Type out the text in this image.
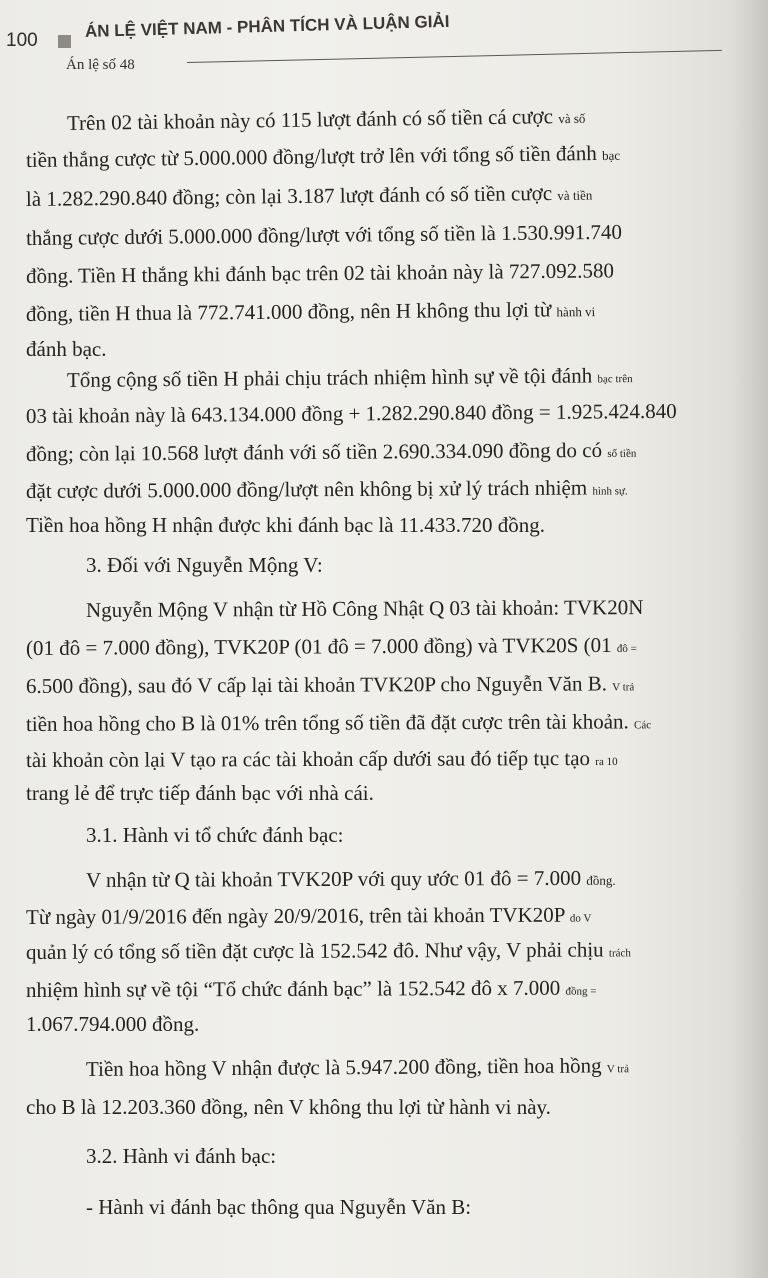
100	ÁN LỆ VIỆT NAM - PHÂN TÍCH VÀ LUẬN GIẢI
Án lệ số 48
Trên 02 tài khoản này có 115 lượt đánh có số tiền cá cược và số
tiền thắng cược từ 5.000.000 đồng/lượt trở lên với tổng số tiền đánh bạc
là 1.282.290.840 đồng; còn lại 3.187 lượt đánh có số tiền cược và tiền
thắng cược dưới 5.000.000 đồng/lượt với tổng số tiền là 1.530.991.740
đồng. Tiền H thắng khi đánh bạc trên 02 tài khoản này là 727.092.580
đồng, tiền H thua là 772.741.000 đồng, nên H không thu lợi từ hành vi
đánh bạc.
Tổng cộng số tiền H phải chịu trách nhiệm hình sự về tội đánh bạc trên
03 tài khoản này là 643.134.000 đồng + 1.282.290.840 đồng = 1.925.424.840
đồng; còn lại 10.568 lượt đánh với số tiền 2.690.334.090 đồng do có số tiền
đặt cược dưới 5.000.000 đồng/lượt nên không bị xử lý trách nhiệm hình sự.
Tiền hoa hồng H nhận được khi đánh bạc là 11.433.720 đồng.
3. Đối với Nguyễn Mộng V:
Nguyễn Mộng V nhận từ Hồ Công Nhật Q 03 tài khoản: TVK20N
(01 đô = 7.000 đồng), TVK20P (01 đô = 7.000 đồng) và TVK20S (01 đô =
6.500 đồng), sau đó V cấp lại tài khoản TVK20P cho Nguyễn Văn B. V trả
tiền hoa hồng cho B là 01% trên tổng số tiền đã đặt cược trên tài khoản. Các
tài khoản còn lại V tạo ra các tài khoản cấp dưới sau đó tiếp tục tạo ra 10
trang lẻ để trực tiếp đánh bạc với nhà cái.
3.1. Hành vi tổ chức đánh bạc:
V nhận từ Q tài khoản TVK20P với quy ước 01 đô = 7.000 đồng.
Từ ngày 01/9/2016 đến ngày 20/9/2016, trên tài khoản TVK20P do V
quản lý có tổng số tiền đặt cược là 152.542 đô. Như vậy, V phải chịu trách
nhiệm hình sự về tội “Tổ chức đánh bạc” là 152.542 đô x 7.000 đồng =
1.067.794.000 đồng.
Tiền hoa hồng V nhận được là 5.947.200 đồng, tiền hoa hồng V trả
cho B là 12.203.360 đồng, nên V không thu lợi từ hành vi này.
3.2. Hành vi đánh bạc:
- Hành vi đánh bạc thông qua Nguyễn Văn B:
